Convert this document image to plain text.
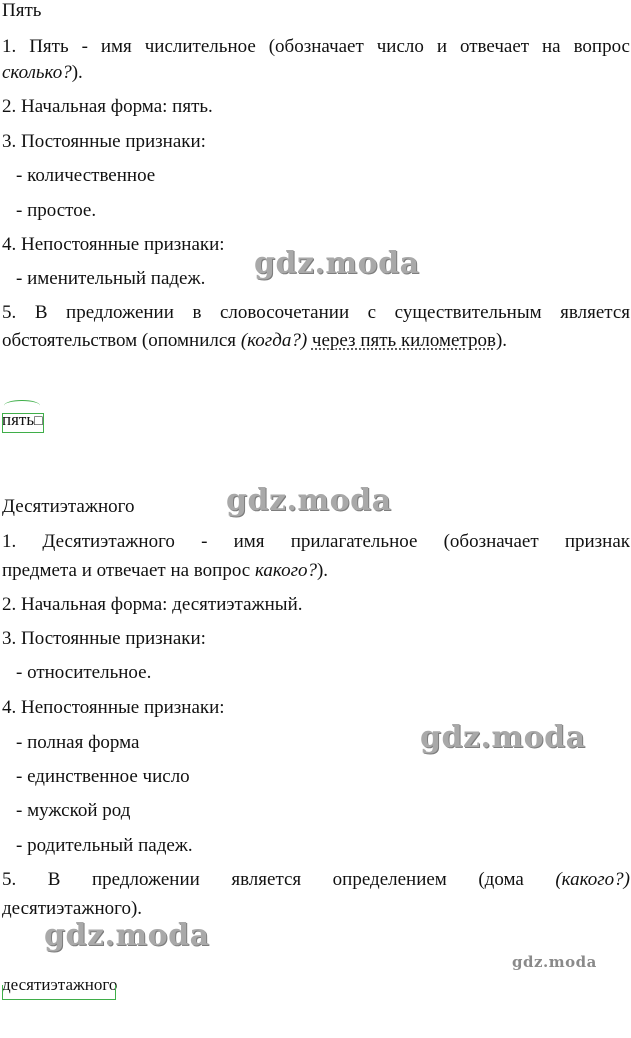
Пять
1. Пять - имя числительное (обозначает число и отвечает на вопрос
сколько?).
2. Начальная форма: пять.
3. Постоянные признаки:
- количественное
- простое.
4. Непостоянные признаки:
- именительный падеж.
5. В предложении в словосочетании с существительным является
обстоятельством (опомнился (когда?) через пять километров).
пять□
Десятиэтажного
1. Десятиэтажного - имя прилагательное (обозначает признак
предмета и отвечает на вопрос какого?).
2. Начальная форма: десятиэтажный.
3. Постоянные признаки:
- относительное.
4. Непостоянные признаки:
- полная форма
- единственное число
- мужской род
- родительный падеж.
5. В предложении является определением (дома (какого?)
десятиэтажного).
десятиэтажного
gdz.moda
gdz.moda
gdz.moda
gdz.moda
gdz.moda
